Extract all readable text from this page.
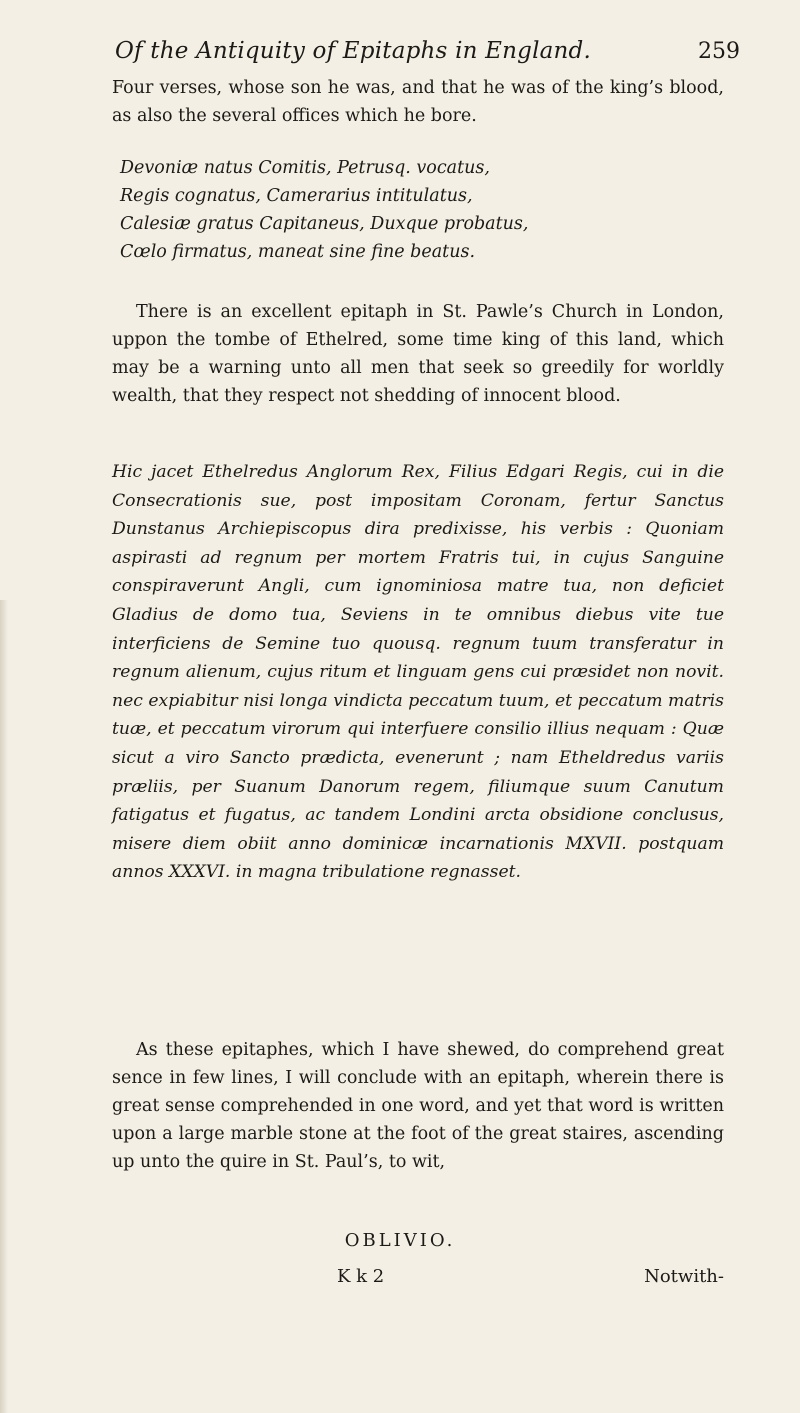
Of the Antiquity of Epitaphs in England.	259

Four verses, whose son he was, and that he was of the king’s blood, as also the several offices which he bore.

Devoniæ natus Comitis, Petrusq. vocatus,
Regis cognatus, Camerarius intitulatus,
Calesiæ gratus Capitaneus, Duxque probatus,
Cœlo firmatus, maneat sine fine beatus.

There is an excellent epitaph in St. Pawle’s Church in London, uppon the tombe of Ethelred, some time king of this land, which may be a warning unto all men that seek so greedily for worldly wealth, that they respect not shedding of innocent blood.

Hic jacet Ethelredus Anglorum Rex, Filius Edgari Regis, cui in die Consecrationis sue, post impositam Coronam, fertur Sanctus Dunstanus Archiepiscopus dira predixisse, his verbis : Quoniam aspirasti ad regnum per mortem Fratris tui, in cujus Sanguine conspiraverunt Angli, cum ignominiosa matre tua, non deficiet Gladius de domo tua, Seviens in te omnibus diebus vite tue interficiens de Semine tuo quousq. regnum tuum transferatur in regnum alienum, cujus ritum et linguam gens cui præsidet non novit. nec expiabitur nisi longa vindicta peccatum tuum, et peccatum matris tuæ, et peccatum virorum qui interfuere consilio illius nequam : Quæ sicut a viro Sancto prædicta, evenerunt ; nam Etheldredus variis præliis, per Suanum Danorum regem, filiumque suum Canutum fatigatus et fugatus, ac tandem Londini arcta obsidione conclusus, misere diem obiit anno dominicæ incarnationis MXVII. postquam annos XXXVI. in magna tribulatione regnasset.

As these epitaphes, which I have shewed, do comprehend great sence in few lines, I will conclude with an epitaph, wherein there is great sense comprehended in one word, and yet that word is written upon a large marble stone at the foot of the great staires, ascending up unto the quire in St. Paul’s, to wit,

OBLIVIO.
K k 2	Notwith-
